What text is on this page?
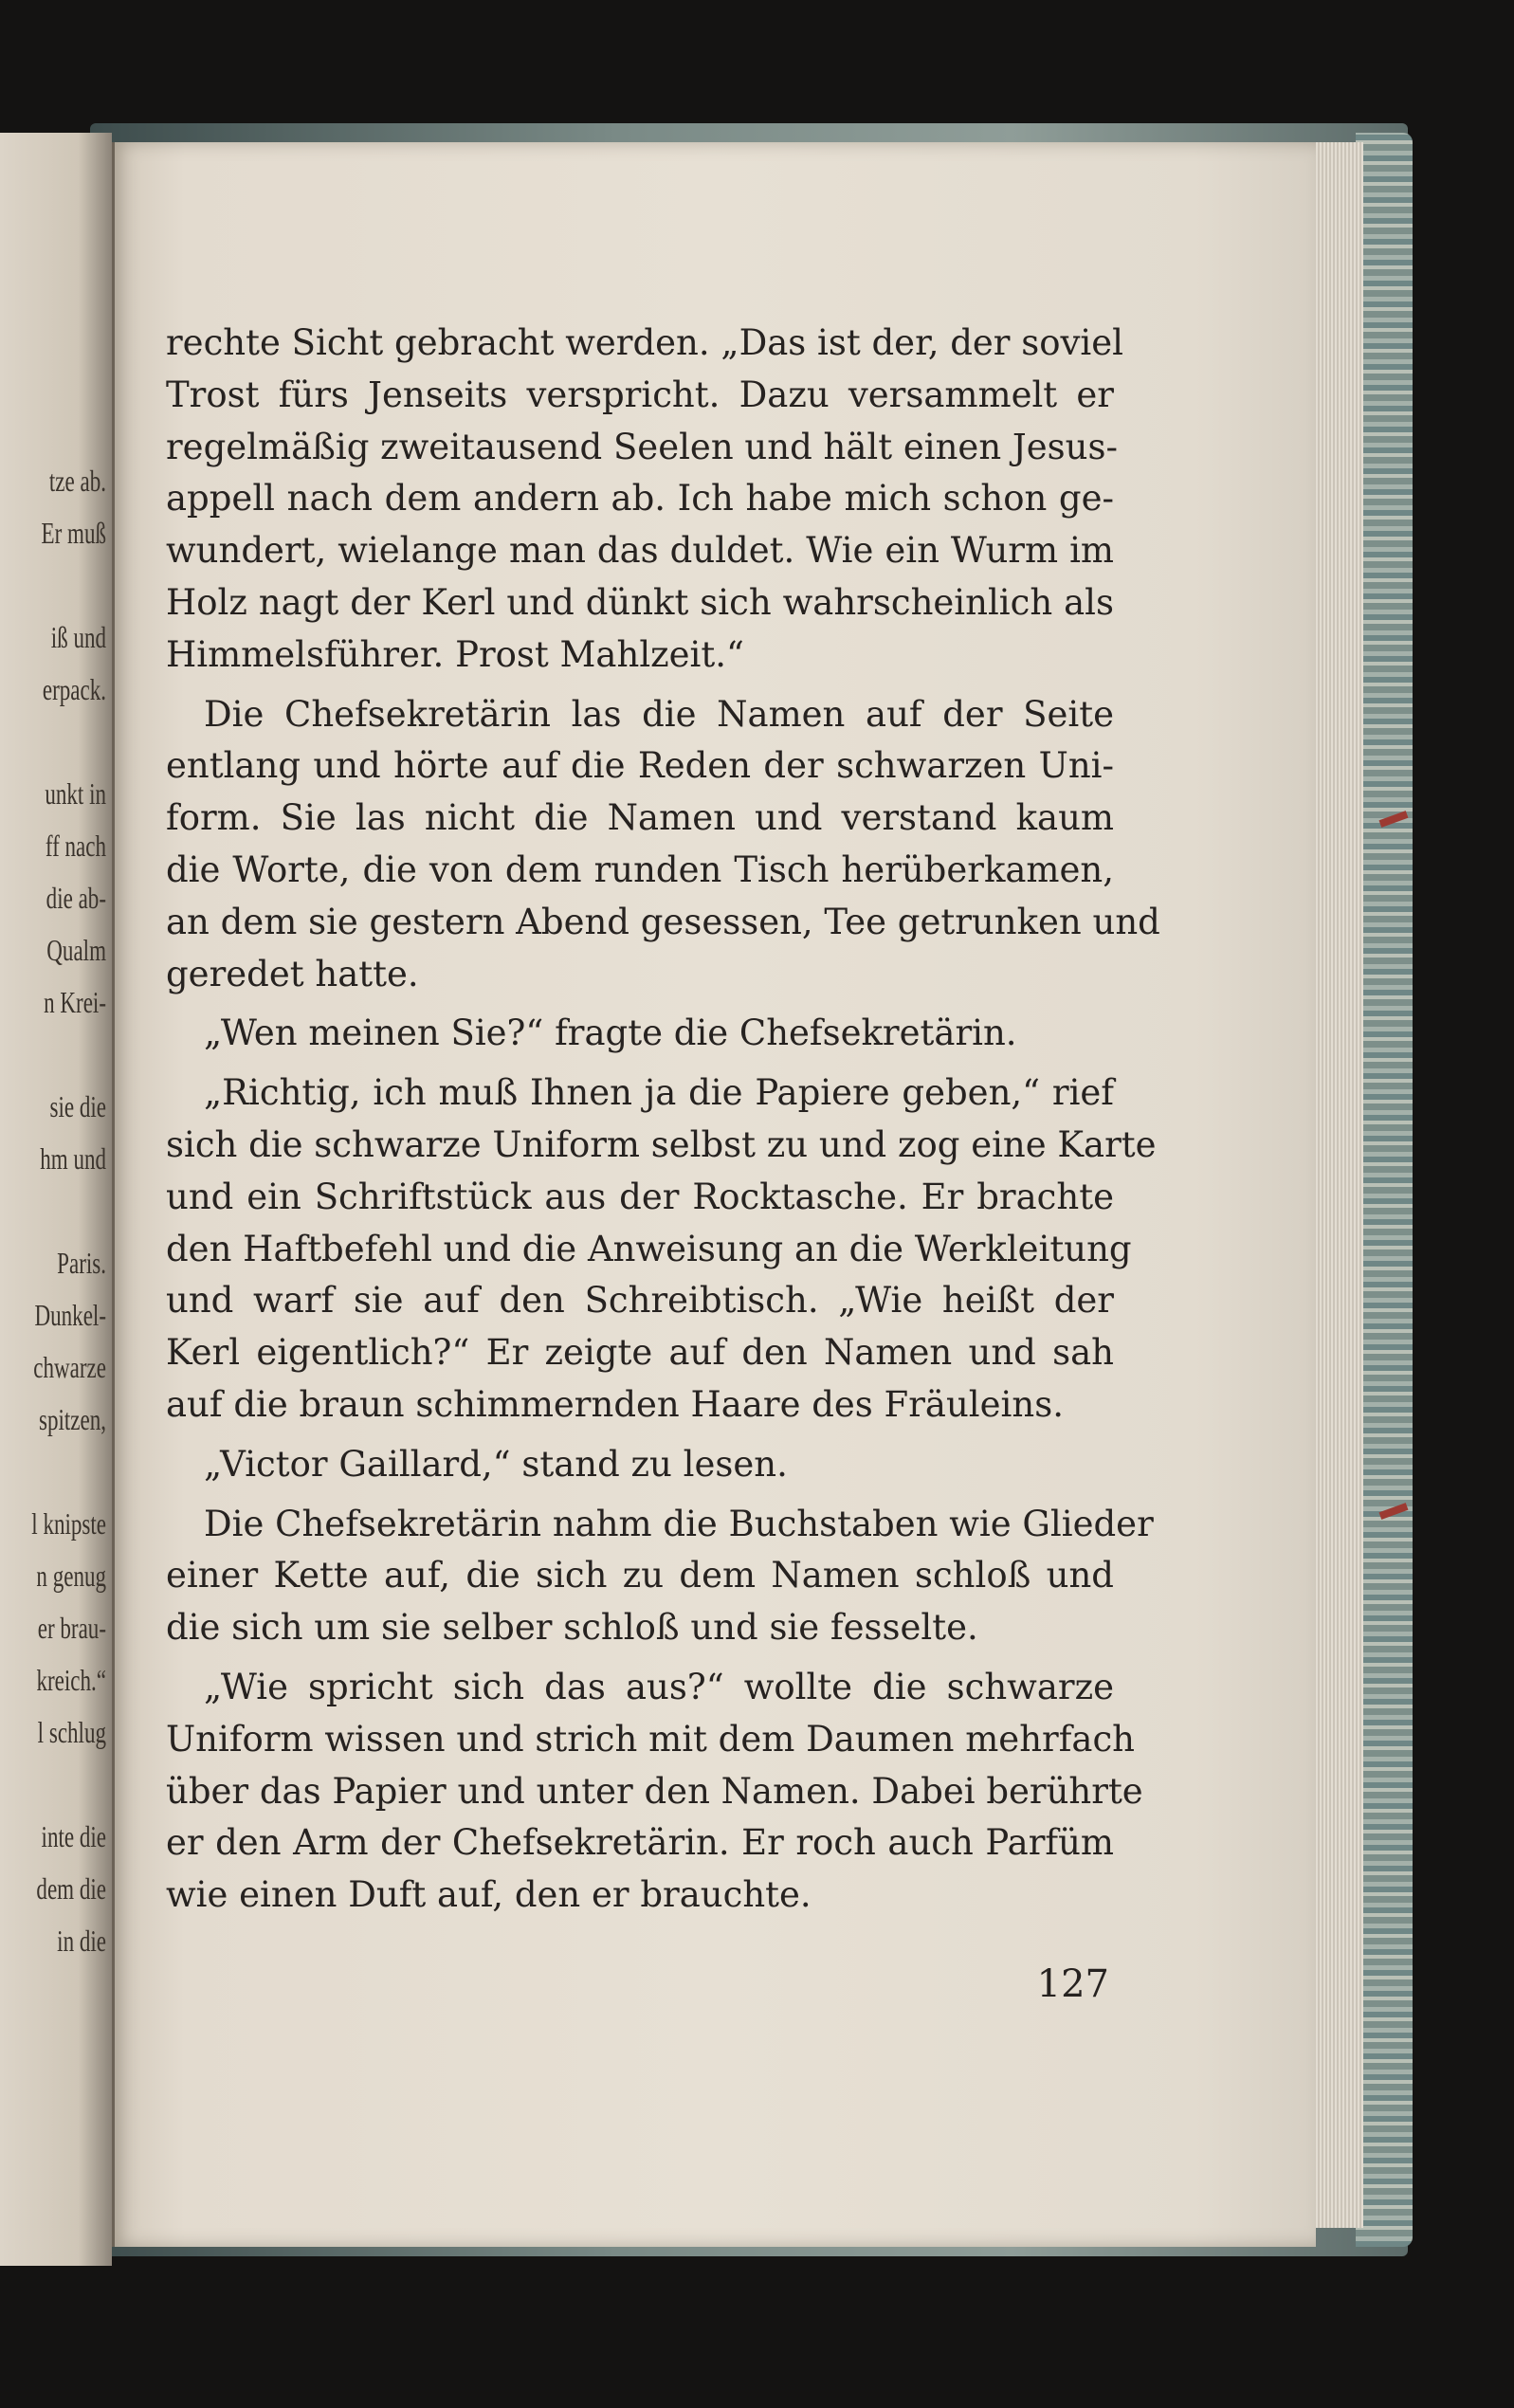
tze ab.
Er muß
iß und
erpack.
unkt in
ff nach
die ab-
Qualm
n Krei-
sie die
hm und
Paris.
Dunkel-
chwarze
spitzen,
l knipste
n genug
er brau-
kreich.“
l schlug
inte die
dem die
in die
rechte Sicht gebracht werden. „Das ist der, der soviel
Trost fürs Jenseits verspricht. Dazu versammelt er
regelmäßig zweitausend Seelen und hält einen Jesus-
appell nach dem andern ab. Ich habe mich schon ge-
wundert, wielange man das duldet. Wie ein Wurm im
Holz nagt der Kerl und dünkt sich wahrscheinlich als
Himmelsführer. Prost Mahlzeit.“
Die Chefsekretärin las die Namen auf der Seite
entlang und hörte auf die Reden der schwarzen Uni-
form. Sie las nicht die Namen und verstand kaum
die Worte, die von dem runden Tisch herüberkamen,
an dem sie gestern Abend gesessen, Tee getrunken und
geredet hatte.
„Wen meinen Sie?“ fragte die Chefsekretärin.
„Richtig, ich muß Ihnen ja die Papiere geben,“ rief
sich die schwarze Uniform selbst zu und zog eine Karte
und ein Schriftstück aus der Rocktasche. Er brachte
den Haftbefehl und die Anweisung an die Werkleitung
und warf sie auf den Schreibtisch. „Wie heißt der
Kerl eigentlich?“ Er zeigte auf den Namen und sah
auf die braun schimmernden Haare des Fräuleins.
„Victor Gaillard,“ stand zu lesen.
Die Chefsekretärin nahm die Buchstaben wie Glieder
einer Kette auf, die sich zu dem Namen schloß und
die sich um sie selber schloß und sie fesselte.
„Wie spricht sich das aus?“ wollte die schwarze
Uniform wissen und strich mit dem Daumen mehrfach
über das Papier und unter den Namen. Dabei berührte
er den Arm der Chefsekretärin. Er roch auch Parfüm
wie einen Duft auf, den er brauchte.
127
